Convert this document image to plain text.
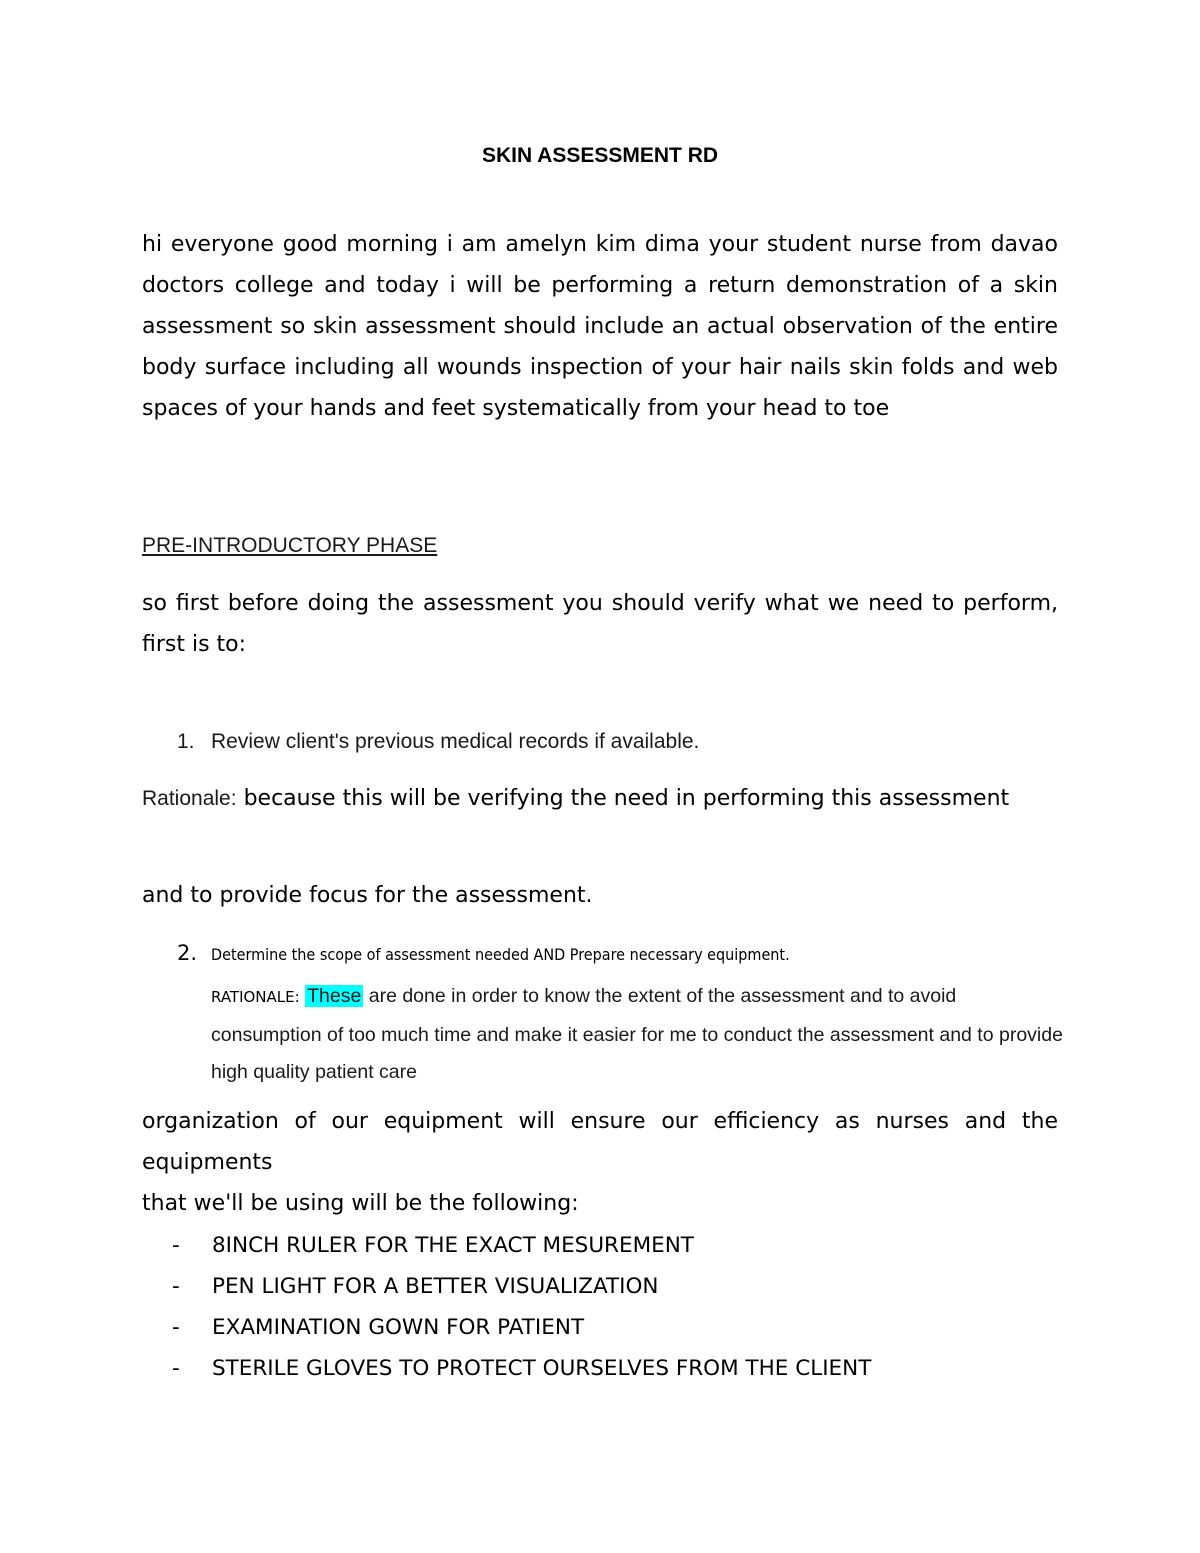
SKIN ASSESSMENT RD
hi everyone good morning i am amelyn kim dima your student nurse from davao doctors college and today i will be performing a return demonstration of a skin assessment so skin assessment should include an actual observation of the entire body surface including all wounds inspection of your hair nails skin folds and web spaces of your hands and feet systematically from your head to toe
PRE-INTRODUCTORY PHASE
so first before doing the assessment you should verify what we need to perform, first is to:
1. Review client's previous medical records if available.
Rationale: because this will be verifying the need in performing this assessment
and to provide focus for the assessment.
2. Determine the scope of assessment needed AND Prepare necessary equipment.
RATIONALE: These are done in order to know the extent of the assessment and to avoid consumption of too much time and make it easier for me to conduct the assessment and to provide high quality patient care
organization of our equipment will ensure our efficiency as nurses and the equipments
that we'll be using will be the following:
- 8INCH RULER FOR THE EXACT MESUREMENT
- PEN LIGHT FOR A BETTER VISUALIZATION
- EXAMINATION GOWN FOR PATIENT
- STERILE GLOVES TO PROTECT OURSELVES FROM THE CLIENT
